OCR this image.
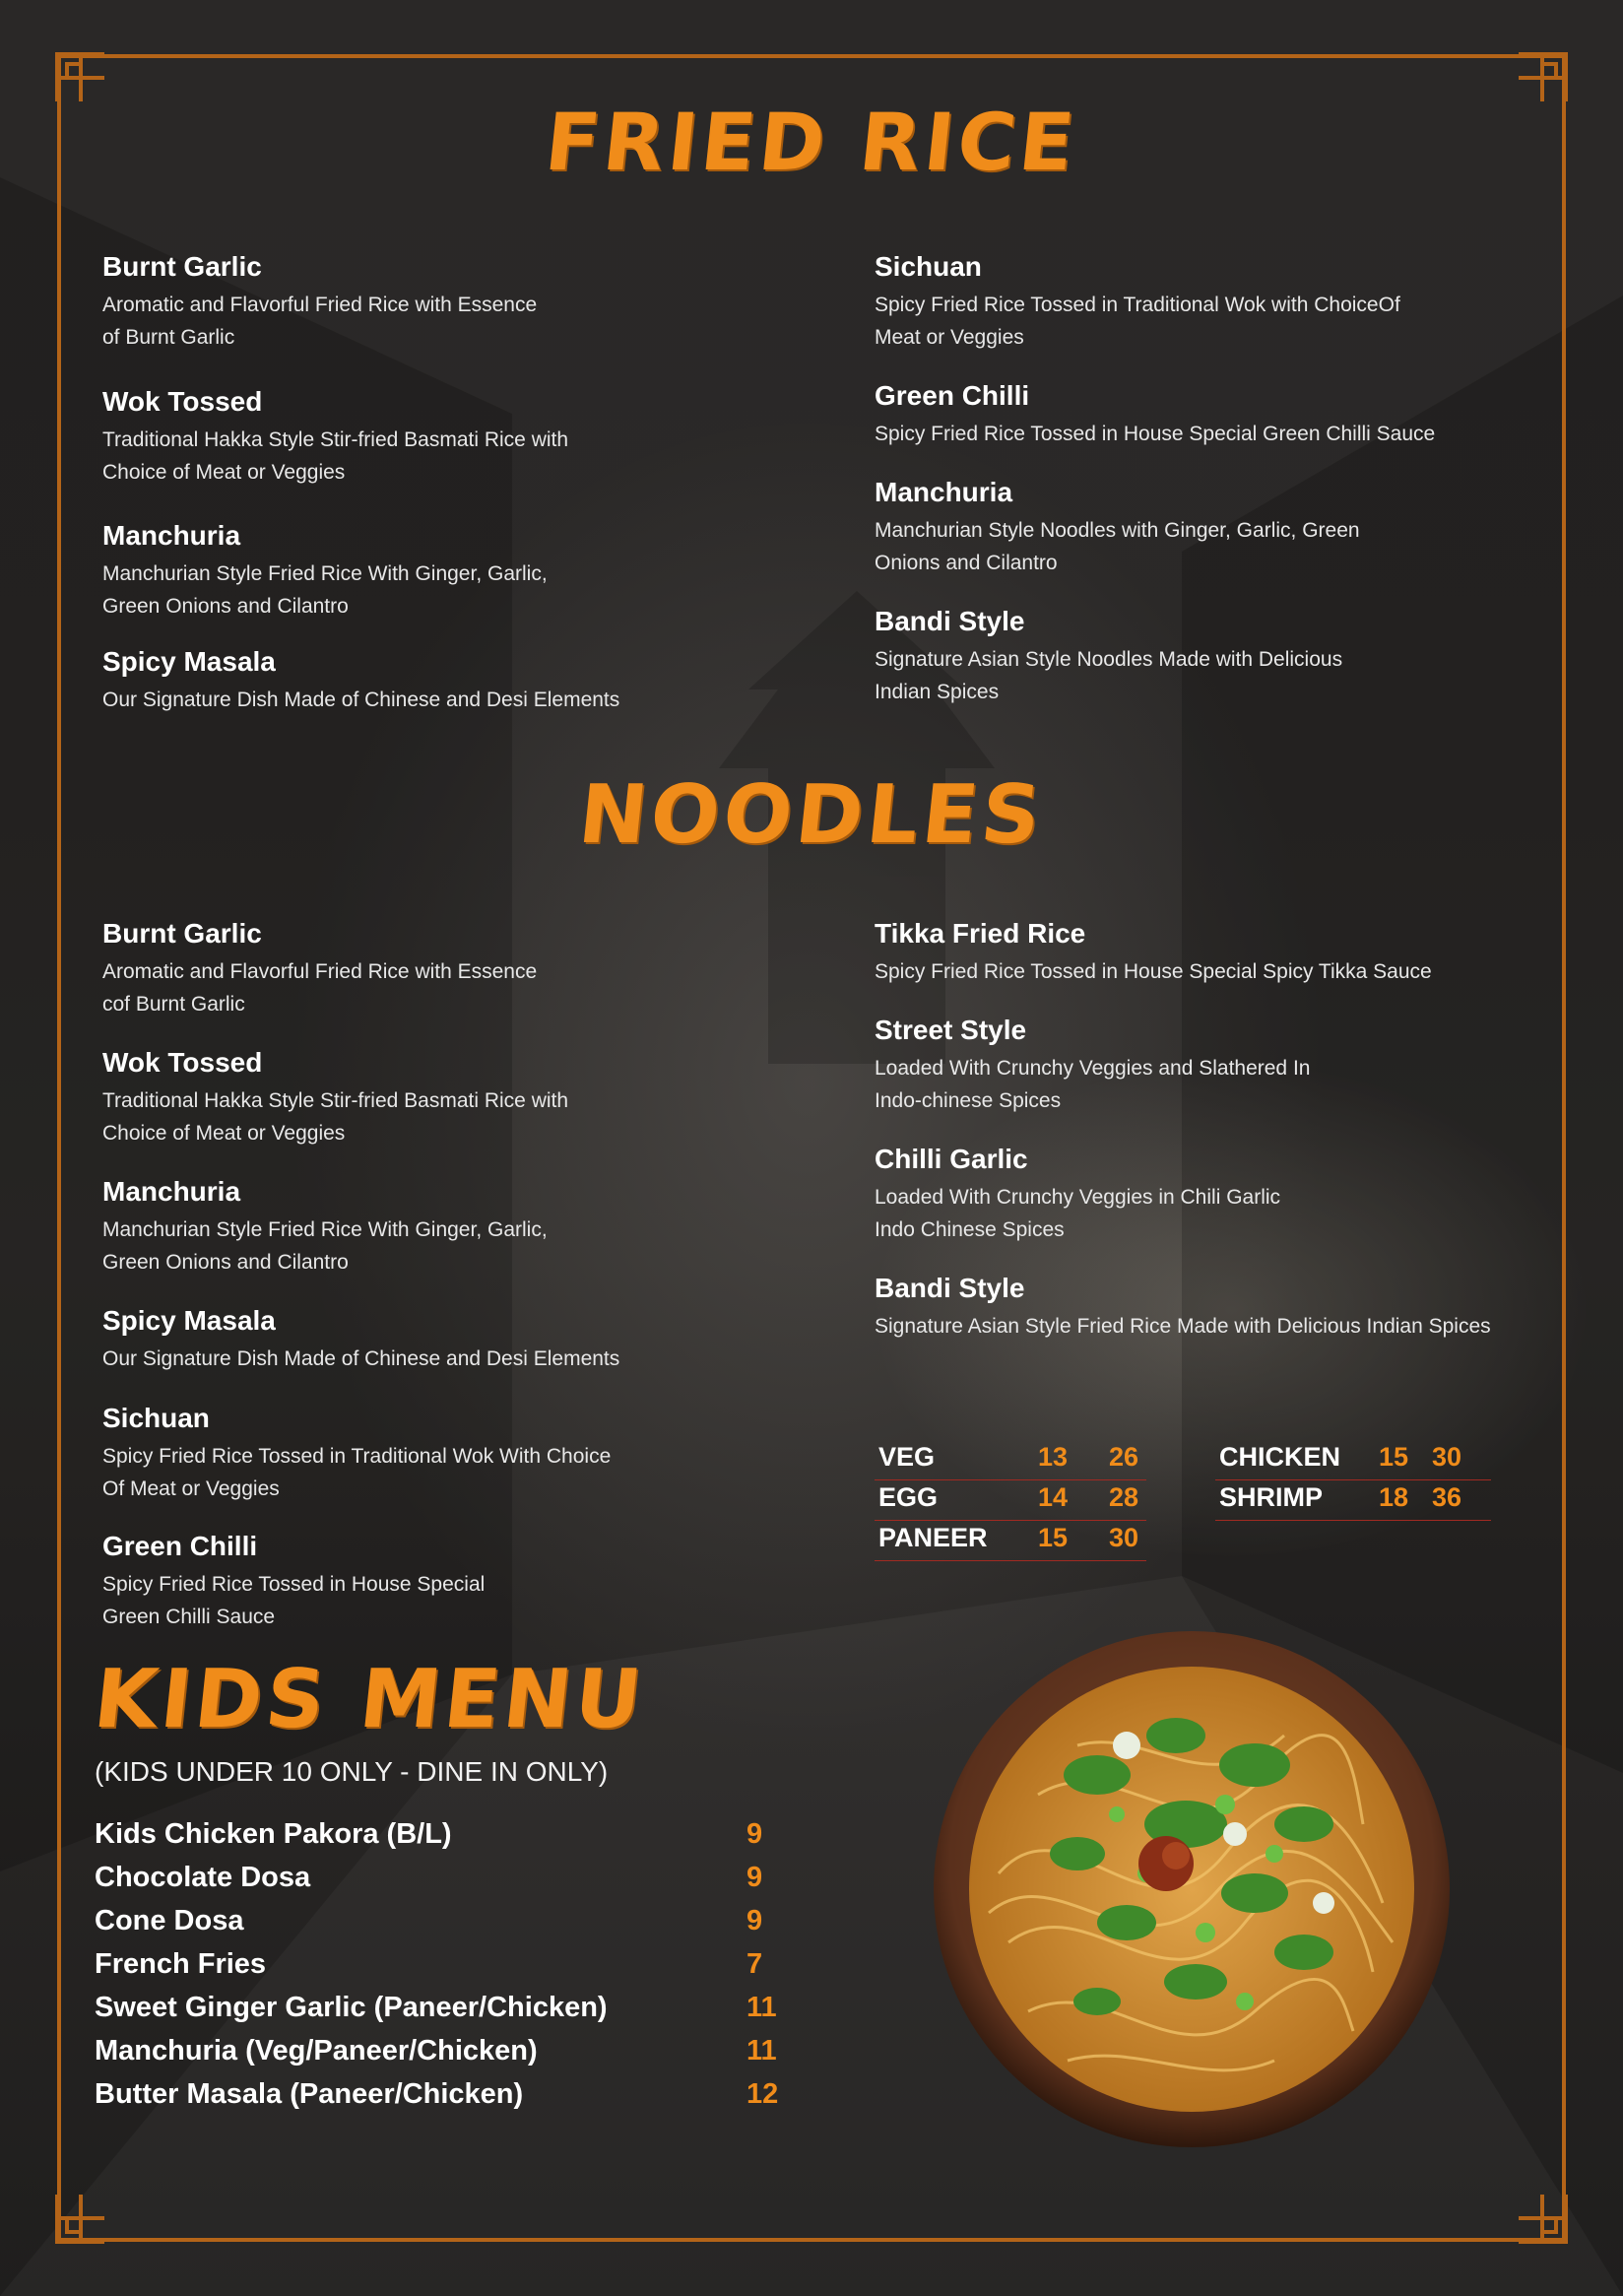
FRIED RICE
Burnt Garlic
Aromatic and Flavorful Fried Rice with Essence
of Burnt Garlic
Wok Tossed
Traditional Hakka Style Stir-fried Basmati Rice with
Choice of Meat or Veggies
Manchuria
Manchurian Style Fried Rice With Ginger, Garlic,
Green Onions and Cilantro
Spicy Masala
Our Signature Dish Made of Chinese and Desi Elements
Sichuan
Spicy Fried Rice Tossed in Traditional Wok with ChoiceOf
Meat or Veggies
Green Chilli
Spicy Fried Rice Tossed in House Special Green Chilli Sauce
Manchuria
Manchurian Style Noodles with Ginger, Garlic, Green
Onions and Cilantro
Bandi Style
Signature Asian Style Noodles Made with Delicious
Indian Spices
NOODLES
Burnt Garlic
Aromatic and Flavorful Fried Rice with Essence
cof Burnt Garlic
Wok Tossed
Traditional Hakka Style Stir-fried Basmati Rice with
Choice of Meat or Veggies
Manchuria
Manchurian Style Fried Rice With Ginger, Garlic,
Green Onions and Cilantro
Spicy Masala
Our Signature Dish Made of Chinese and Desi Elements
Sichuan
Spicy Fried Rice Tossed in Traditional Wok With Choice
Of Meat or Veggies
Green Chilli
Spicy Fried Rice Tossed in House Special
Green Chilli Sauce
Tikka Fried Rice
Spicy Fried Rice Tossed in House Special Spicy Tikka Sauce
Street Style
Loaded With Crunchy Veggies and Slathered In
Indo-chinese Spices
Chilli Garlic
Loaded With Crunchy Veggies in Chili Garlic
Indo Chinese Spices
Bandi Style
Signature Asian Style Fried Rice Made with Delicious Indian Spices
VEG	13 26
EGG	14 28
PANEER 15 30
CHICKEN 15 30
SHRIMP 18 36
KIDS MENU
(KIDS UNDER 10 ONLY - DINE IN ONLY)
Kids Chicken Pakora (B/L)	9
Chocolate Dosa	9
Cone Dosa	9
French Fries	7
Sweet Ginger Garlic (Paneer/Chicken)	11
Manchuria (Veg/Paneer/Chicken)	11
Butter Masala (Paneer/Chicken)	12
